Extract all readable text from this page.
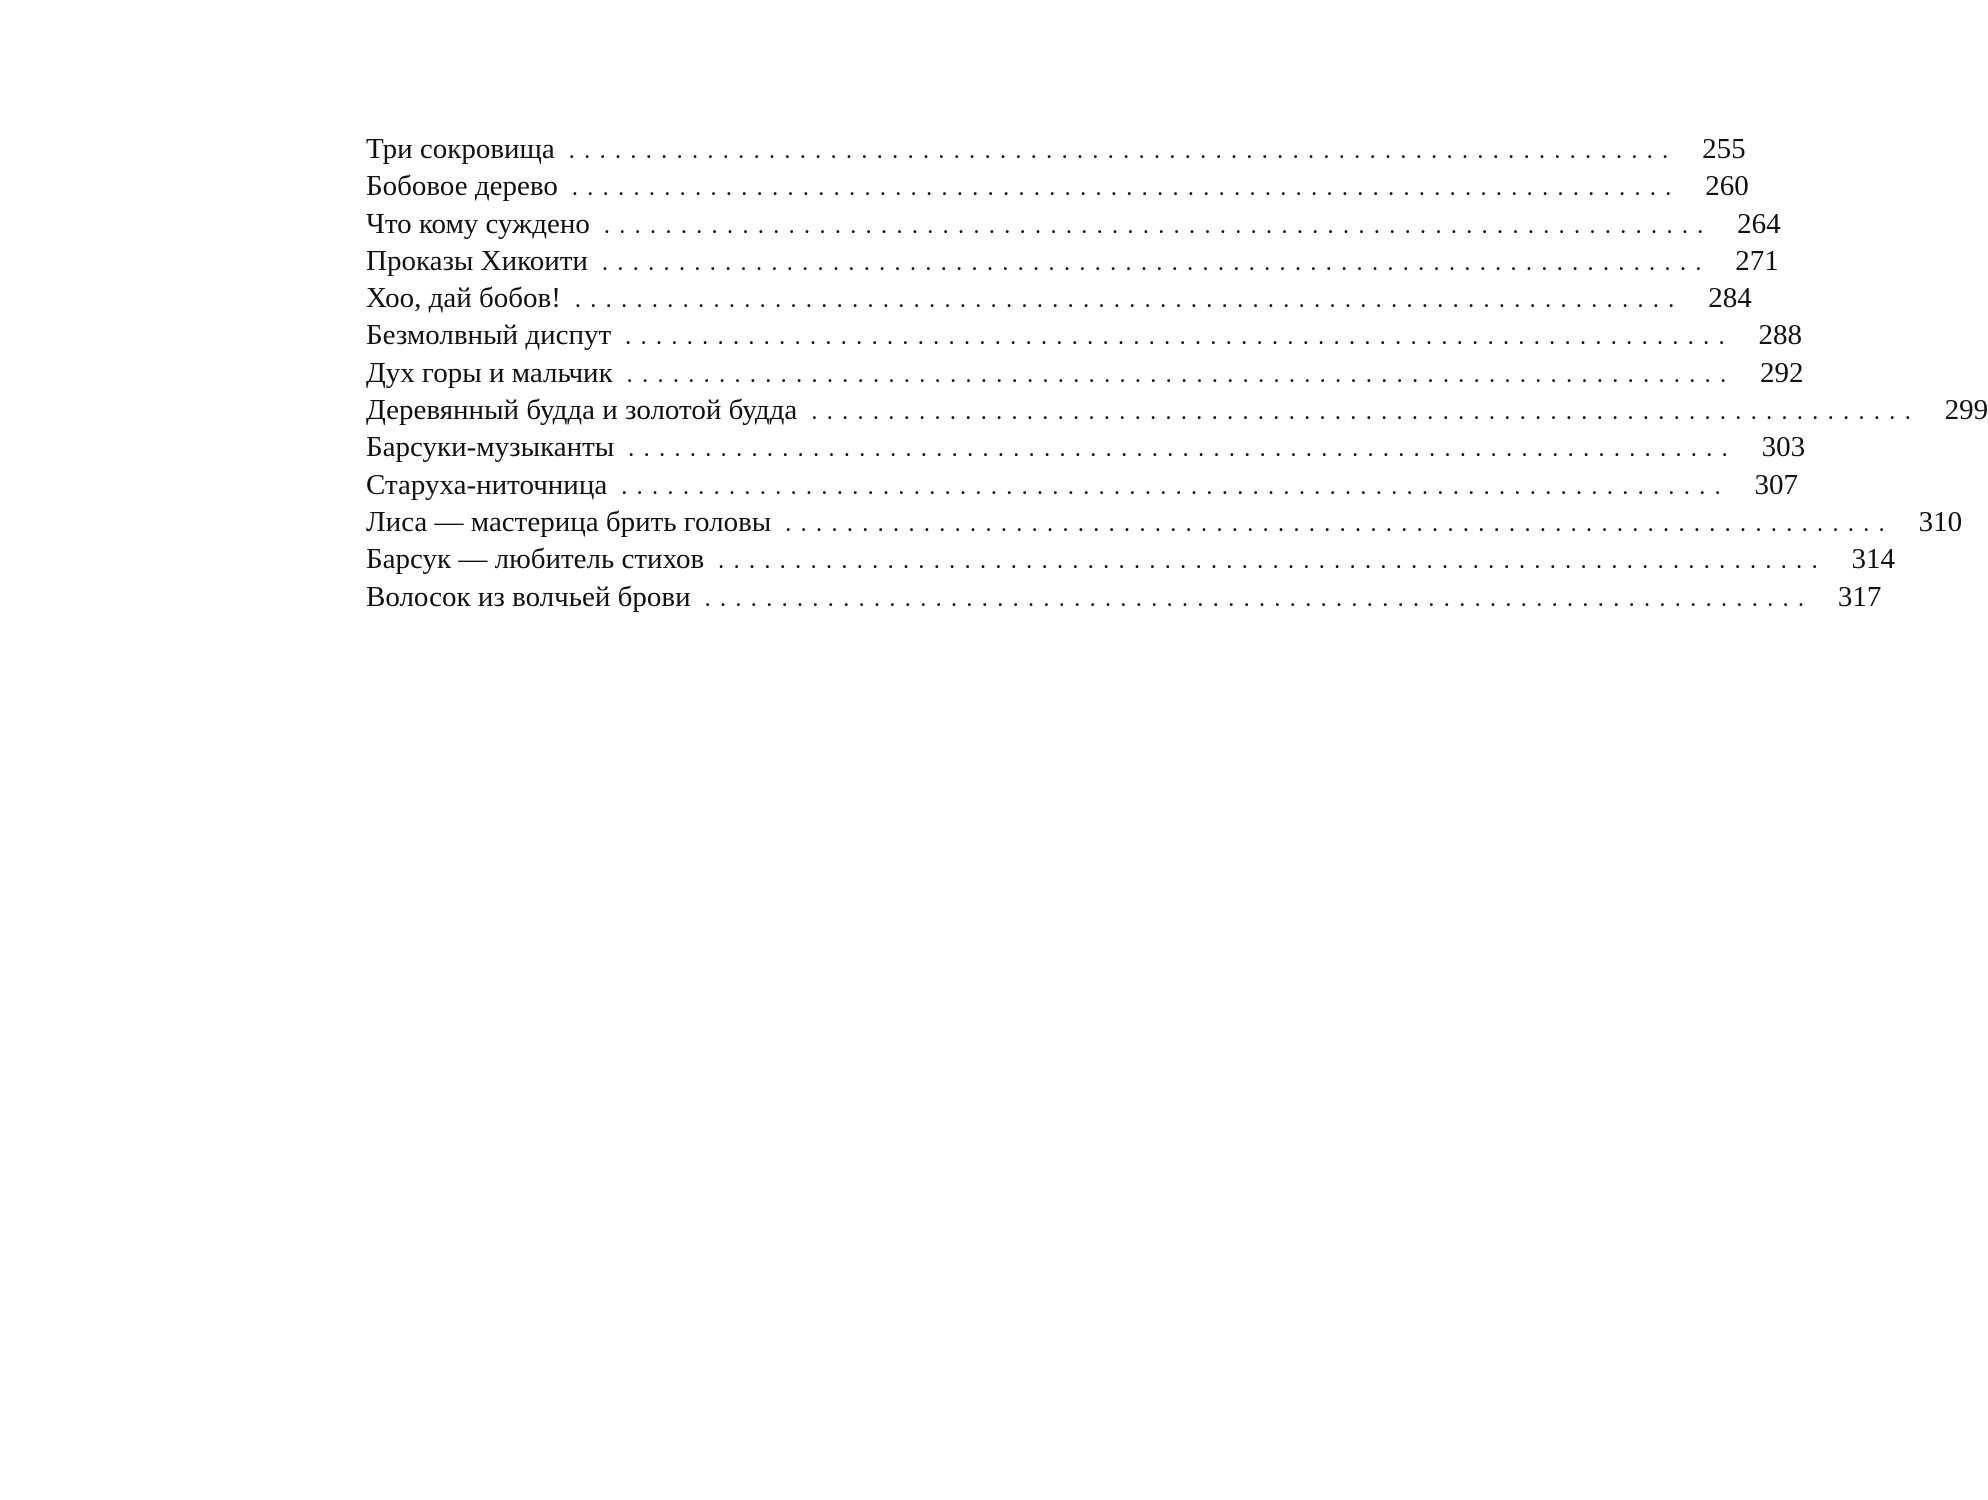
Три сокровища ........................................................................ 255
Бобовое дерево ........................................................................ 260
Что кому суждено ........................................................................ 264
Проказы Хикоити ........................................................................ 271
Хоо, дай бобов! ........................................................................ 284
Безмолвный диспут ........................................................................ 288
Дух горы и мальчик ........................................................................ 292
Деревянный будда и золотой будда ........................................................................ 299
Барсуки-музыканты ........................................................................ 303
Старуха-ниточница ........................................................................ 307
Лиса — мастерица брить головы ........................................................................ 310
Барсук — любитель стихов ........................................................................ 314
Волосок из волчьей брови ........................................................................ 317
